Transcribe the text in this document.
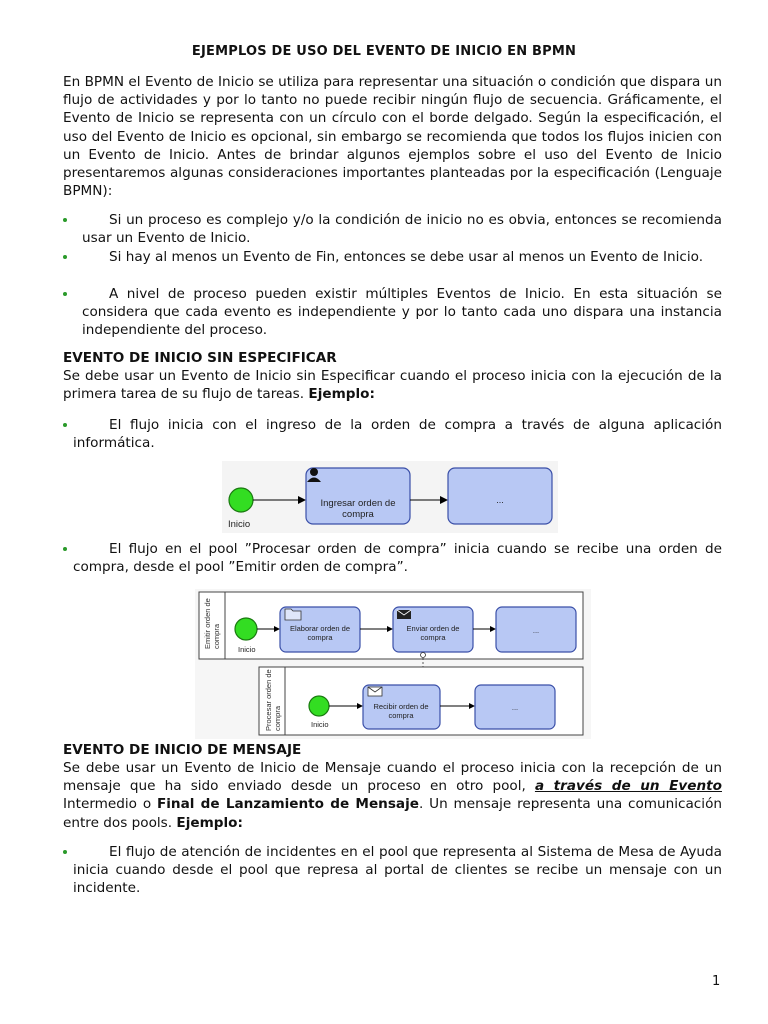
EJEMPLOS DE USO DEL EVENTO DE INICIO EN BPMN
En BPMN el Evento de Inicio se utiliza para representar una situación o condición que dispara un flujo de actividades y por lo tanto no puede recibir ningún flujo de secuencia. Gráficamente, el Evento de Inicio se representa con un círculo con el borde delgado. Según la especificación, el uso del Evento de Inicio es opcional, sin embargo se recomienda que todos los flujos inicien con un Evento de Inicio. Antes de brindar algunos ejemplos sobre el uso del Evento de Inicio presentaremos algunas consideraciones importantes planteadas por la especificación (Lenguaje BPMN):
Si un proceso es complejo y/o la condición de inicio no es obvia, entonces se recomienda usar un Evento de Inicio.
Si hay al menos un Evento de Fin, entonces se debe usar al menos un Evento de Inicio.
A nivel de proceso pueden existir múltiples Eventos de Inicio. En esta situación se considera que cada evento es independiente y por lo tanto cada uno dispara una instancia independiente del proceso.
EVENTO DE INICIO SIN ESPECIFICAR
Se debe usar un Evento de Inicio sin Especificar cuando el proceso inicia con la ejecución de la primera tarea de su flujo de tareas. Ejemplo:
El flujo inicia con el ingreso de la orden de compra a través de alguna aplicación informática.
Inicio
Ingresar orden de compra
...
El flujo en el pool ”Procesar orden de compra” inicia cuando se recibe una orden de compra, desde el pool ”Emitir orden de compra”.
Emitir orden decompra
Inicio
Elaborar orden de compra
Enviar orden de compra
...
Procesar orden decompra	Inicio
Recibir orden de compra
...
EVENTO DE INICIO DE MENSAJE
Se debe usar un Evento de Inicio de Mensaje cuando el proceso inicia con la recepción de un mensaje que ha sido enviado desde un proceso en otro pool, a través de un Evento Intermedio o Final de Lanzamiento de Mensaje. Un mensaje representa una comunicación entre dos pools. Ejemplo:
El flujo de atención de incidentes en el pool que representa al Sistema de Mesa de Ayuda inicia cuando desde el pool que represa al portal de clientes se recibe un mensaje con un incidente.
1
